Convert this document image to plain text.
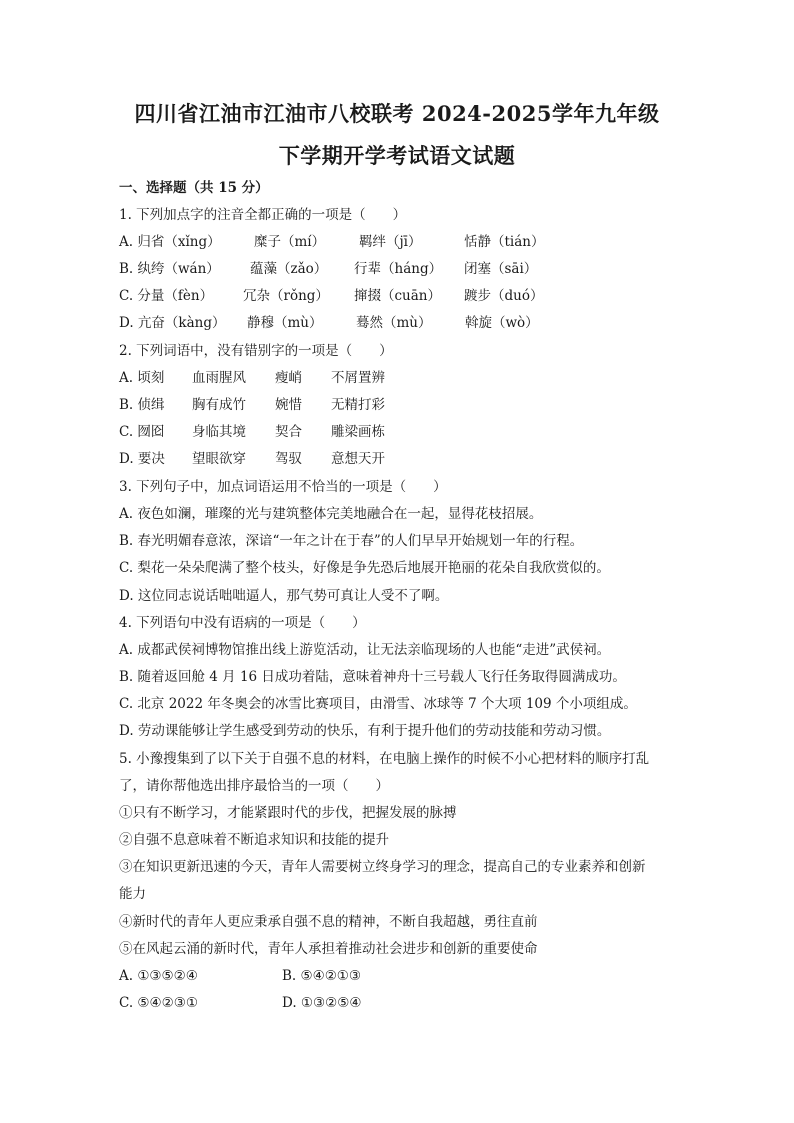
四川省江油市江油市八校联考 2024-2025学年九年级
下学期开学考试语文试题
一、选择题（共 15 分）
1. 下列加点字的注音全都正确的一项是（　　）
A. 归省（xǐng） 糜子（mí）	羁绊（jī）	恬静（tián）
B. 纨绔（wán） 蕴藻（zǎo） 行辈（háng） 闭塞（sāi）
C. 分量（fèn） 冗杂（rǒng） 撺掇（cuān） 踱步（duó）
D. 亢奋（kàng） 静穆（mù） 蓦然（mù） 斡旋（wò）
2. 下列词语中，没有错别字的一项是（　　）
A. 顷刻 血雨腥风 瘦峭 不屑置辨
B. 侦缉 胸有成竹 婉惜 无精打彩
C. 囫囵 身临其境 契合 雕梁画栋
D. 要决 望眼欲穿 驾驭 意想天开
3. 下列句子中，加点词语运用不恰当的一项是（　　）
A. 夜色如澜，璀璨的光与建筑整体完美地融合在一起，显得花枝招展。
B. 春光明媚春意浓，深谙“一年之计在于春”的人们早早开始规划一年的行程。
C. 梨花一朵朵爬满了整个枝头，好像是争先恐后地展开艳丽的花朵自我欣赏似的。
D. 这位同志说话咄咄逼人，那气势可真让人受不了啊。
4. 下列语句中没有语病的一项是（　　）
A. 成都武侯祠博物馆推出线上游览活动，让无法亲临现场的人也能“走进”武侯祠。
B. 随着返回舱 4 月 16 日成功着陆，意味着神舟十三号载人飞行任务取得圆满成功。
C. 北京 2022 年冬奥会的冰雪比赛项目，由滑雪、冰球等 7 个大项 109 个小项组成。
D. 劳动课能够让学生感受到劳动的快乐，有利于提升他们的劳动技能和劳动习惯。
5. 小豫搜集到了以下关于自强不息的材料，在电脑上操作的时候不小心把材料的顺序打乱
了，请你帮他选出排序最恰当的一项（　　）
①只有不断学习，才能紧跟时代的步伐，把握发展的脉搏
②自强不息意味着不断追求知识和技能的提升
③在知识更新迅速的今天，青年人需要树立终身学习的理念，提高自己的专业素养和创新
能力
④新时代的青年人更应秉承自强不息的精神，不断自我超越，勇往直前
⑤在风起云涌的新时代，青年人承担着推动社会进步和创新的重要使命
A. ①③⑤②④	B. ⑤④②①③
C. ⑤④②③①	D. ①③②⑤④
